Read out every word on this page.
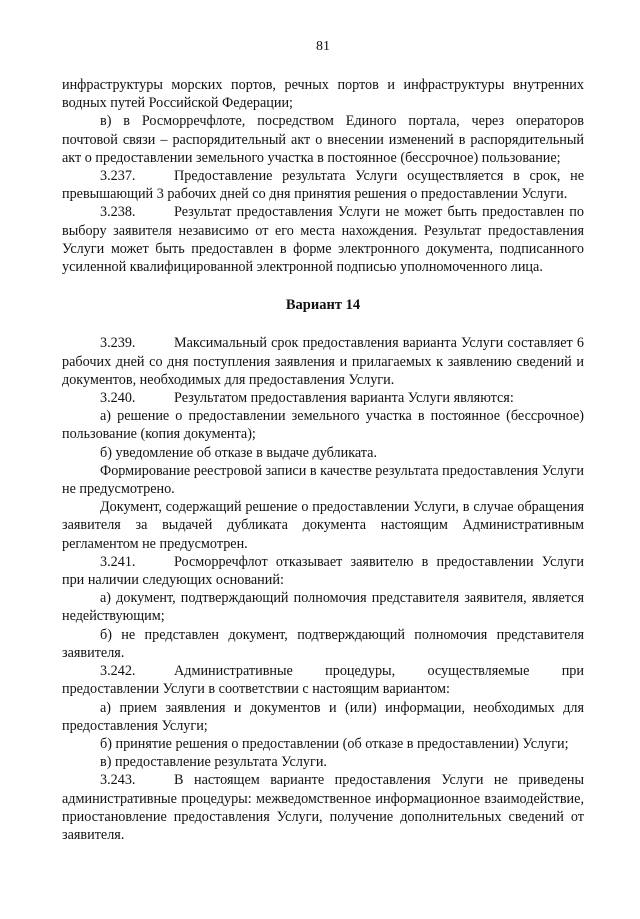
81

инфраструктуры морских портов, речных портов и инфраструктуры внутренних водных путей Российской Федерации;

в) в Росморречфлоте, посредством Единого портала, через операторов почтовой связи – распорядительный акт о внесении изменений в распорядительный акт о предоставлении земельного участка в постоянное (бессрочное) пользование;

3.237.	Предоставление результата Услуги осуществляется в срок, не превышающий 3 рабочих дней со дня принятия решения о предоставлении Услуги.

3.238.	Результат предоставления Услуги не может быть предоставлен по выбору заявителя независимо от его места нахождения. Результат предоставления Услуги может быть предоставлен в форме электронного документа, подписанного усиленной квалифицированной электронной подписью уполномоченного лица.

Вариант 14

3.239.	Максимальный срок предоставления варианта Услуги составляет 6 рабочих дней со дня поступления заявления и прилагаемых к заявлению сведений и документов, необходимых для предоставления Услуги.

3.240.	Результатом предоставления варианта Услуги являются:

а) решение о предоставлении земельного участка в постоянное (бессрочное) пользование (копия документа);

б) уведомление об отказе в выдаче дубликата.

Формирование реестровой записи в качестве результата предоставления Услуги не предусмотрено.

Документ, содержащий решение о предоставлении Услуги, в случае обращения заявителя за выдачей дубликата документа настоящим Административным регламентом не предусмотрен.

3.241.	Росморречфлот отказывает заявителю в предоставлении Услуги при наличии следующих оснований:

а) документ, подтверждающий полномочия представителя заявителя, является недействующим;

б) не представлен документ, подтверждающий полномочия представителя заявителя.

3.242.	Административные процедуры, осуществляемые при предоставлении Услуги в соответствии с настоящим вариантом:

а) прием заявления и документов и (или) информации, необходимых для предоставления Услуги;

б) принятие решения о предоставлении (об отказе в предоставлении) Услуги;

в) предоставление результата Услуги.

3.243.	В настоящем варианте предоставления Услуги не приведены административные процедуры: межведомственное информационное взаимодействие, приостановление предоставления Услуги, получение дополнительных сведений от заявителя.
